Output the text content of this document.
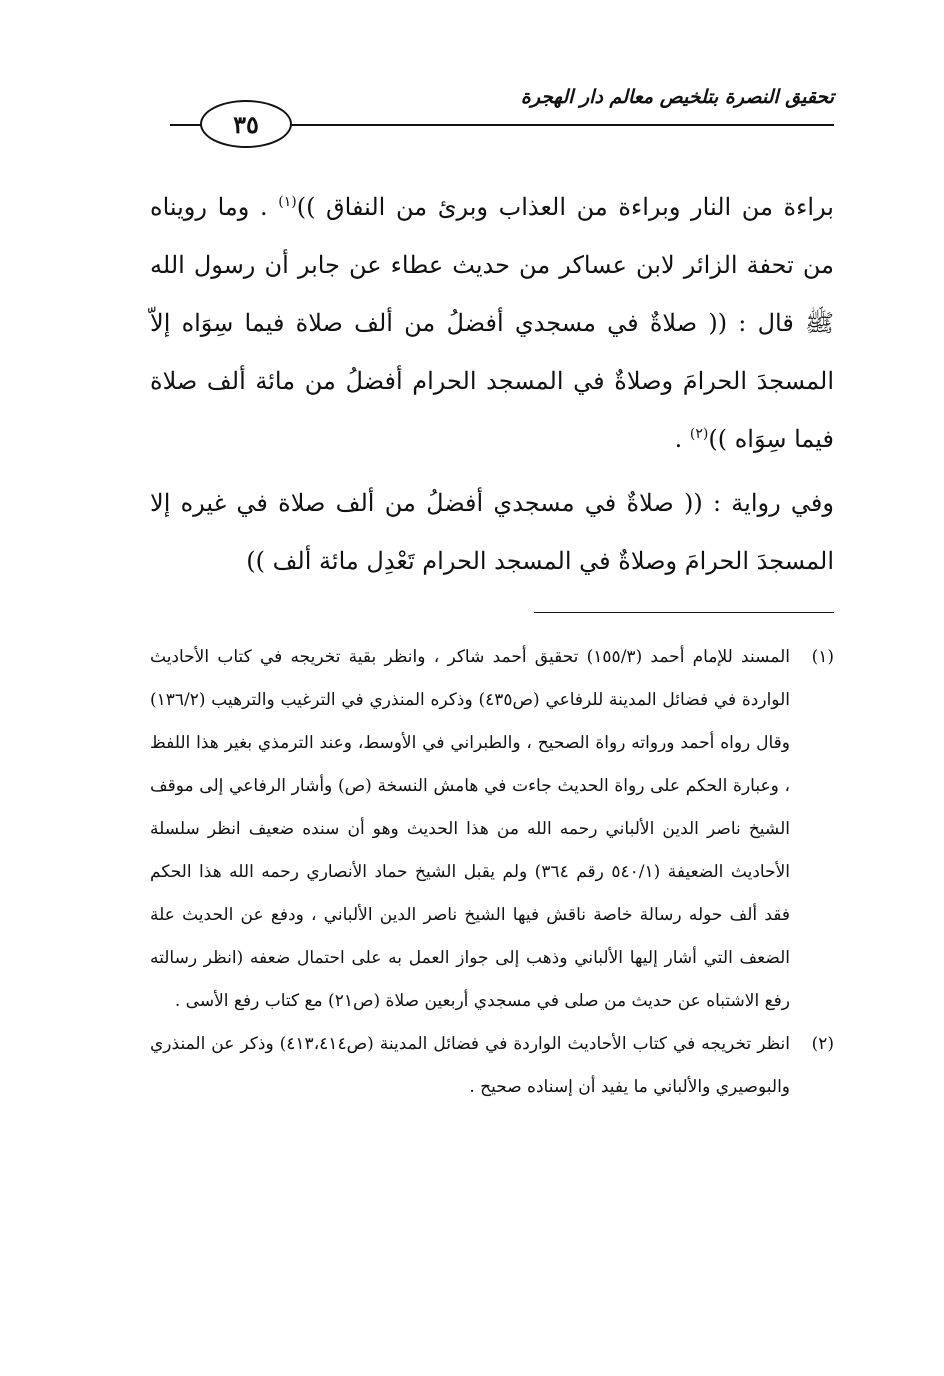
تحقيق النصرة بتلخيص معالم دار الهجرة
٣٥

براءة من النار وبراءة من العذاب وبرئ من النفاق ))$^{(١)}$ . وما رويناه من تحفة الزائر لابن عساكر من حديث عطاء عن جابر أن رسول الله ﷺ قال : (( صلاةٌ في مسجدي أفضلُ من ألف صلاة فيما سِوَاه إلاّ المسجدَ الحرامَ وصلاةٌ في المسجد الحرام أفضلُ من مائة ألف صلاة فيما سِوَاه ))$^{(٢)}$ .

وفي رواية : (( صلاةٌ في مسجدي أفضلُ من ألف صلاة في غيره إلا المسجدَ الحرامَ وصلاةٌ في المسجد الحرام تَعْدِل مائة ألف ))

(١)
المسند للإمام أحمد (١٥٥/٣) تحقيق أحمد شاكر ، وانظر بقية تخريجه في كتاب الأحاديث الواردة في فضائل المدينة للرفاعي (ص٤٣٥) وذكره المنذري في الترغيب والترهيب (١٣٦/٢) وقال رواه أحمد ورواته رواة الصحيح ، والطبراني في الأوسط، وعند الترمذي بغير هذا اللفظ ، وعبارة الحكم على رواة الحديث جاءت في هامش النسخة (ص) وأشار الرفاعي إلى موقف الشيخ ناصر الدين الألباني رحمه الله من هذا الحديث وهو أن سنده ضعيف انظر سلسلة الأحاديث الضعيفة (٥٤٠/١ رقم ٣٦٤) ولم يقبل الشيخ حماد الأنصاري رحمه الله هذا الحكم فقد ألف حوله رسالة خاصة ناقش فيها الشيخ ناصر الدين الألباني ، ودفع عن الحديث علة الضعف التي أشار إليها الألباني وذهب إلى جواز العمل به على احتمال ضعفه (انظر رسالته رفع الاشتباه عن حديث من صلى في مسجدي أربعين صلاة (ص٢١) مع كتاب رفع الأسى .
(٢)
انظر تخريجه في كتاب الأحاديث الواردة في فضائل المدينة (ص٤١٣،٤١٤) وذكر عن المنذري والبوصيري والألباني ما يفيد أن إسناده صحيح .
